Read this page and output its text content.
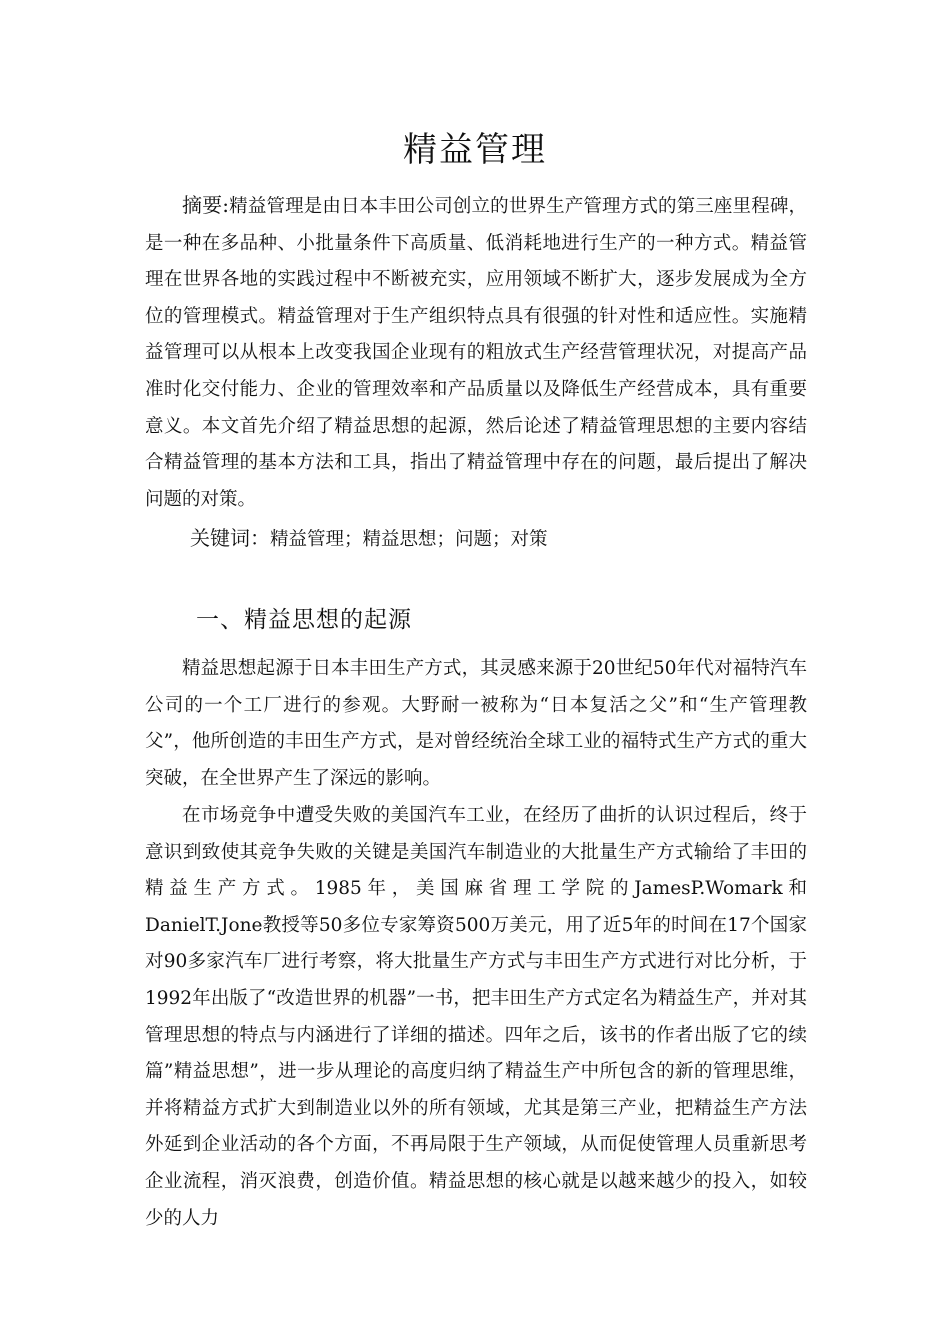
精益管理

摘要:精益管理是由日本丰田公司创立的世界生产管理方式的第三座里程碑，是一种在多品种、小批量条件下高质量、低消耗地进行生产的一种方式。精益管理在世界各地的实践过程中不断被充实，应用领域不断扩大，逐步发展成为全方位的管理模式。精益管理对于生产组织特点具有很强的针对性和适应性。实施精益管理可以从根本上改变我国企业现有的粗放式生产经营管理状况，对提高产品准时化交付能力、企业的管理效率和产品质量以及降低生产经营成本，具有重要意义。本文首先介绍了精益思想的起源，然后论述了精益管理思想的主要内容结合精益管理的基本方法和工具，指出了精益管理中存在的问题，最后提出了解决问题的对策。

关键词：精益管理；精益思想；问题；对策
一、精益思想的起源

精益思想起源于日本丰田生产方式，其灵感来源于20世纪50年代对福特汽车公司的一个工厂进行的参观。大野耐一被称为“日本复活之父”和“生产管理教父”，他所创造的丰田生产方式，是对曾经统治全球工业的福特式生产方式的重大突破，在全世界产生了深远的影响。

在市场竞争中遭受失败的美国汽车工业，在经历了曲折的认识过程后，终于意识到致使其竞争失败的关键是美国汽车制造业的大批量生产方式输给了丰田的精益生产方式。1985年，美国麻省理工学院的JamesP.Womark和DanielT.Jone教授等50多位专家筹资500万美元，用了近5年的时间在17个国家对90多家汽车厂进行考察，将大批量生产方式与丰田生产方式进行对比分析，于1992年出版了“改造世界的机器”一书，把丰田生产方式定名为精益生产，并对其管理思想的特点与内涵进行了详细的描述。四年之后，该书的作者出版了它的续篇”精益思想”，进一步从理论的高度归纳了精益生产中所包含的新的管理思维，并将精益方式扩大到制造业以外的所有领域，尤其是第三产业，把精益生产方法外延到企业活动的各个方面，不再局限于生产领域，从而促使管理人员重新思考企业流程，消灭浪费，创造价值。精益思想的核心就是以越来越少的投入，如较少的人力
